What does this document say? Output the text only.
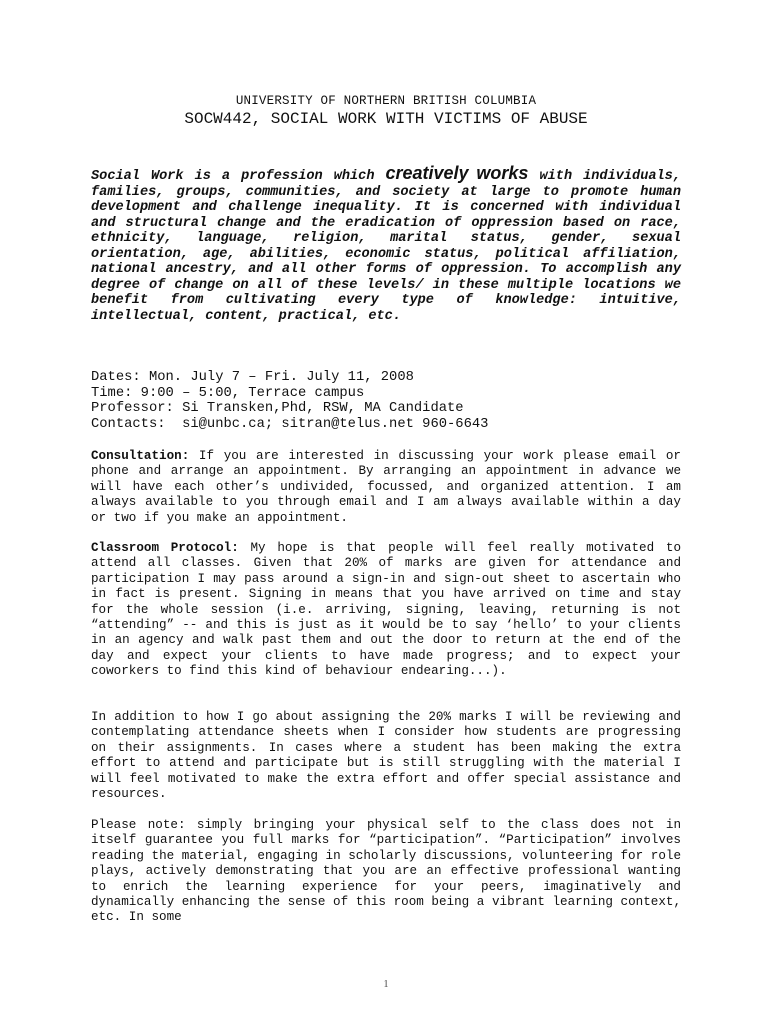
UNIVERSITY OF NORTHERN BRITISH COLUMBIA
SOCW442, SOCIAL WORK WITH VICTIMS OF ABUSE
Social Work is a profession which creatively works with individuals, families, groups, communities, and society at large to promote human development and challenge inequality. It is concerned with individual and structural change and the eradication of oppression based on race, ethnicity, language, religion, marital status, gender, sexual orientation, age, abilities, economic status, political affiliation, national ancestry, and all other forms of oppression. To accomplish any degree of change on all of these levels/ in these multiple locations we benefit from cultivating every type of knowledge: intuitive, intellectual, content, practical, etc.
Dates: Mon. July 7 – Fri. July 11, 2008
Time: 9:00 – 5:00, Terrace campus
Professor: Si Transken,Phd, RSW, MA Candidate
Contacts:  si@unbc.ca; sitran@telus.net 960-6643
Consultation: If you are interested in discussing your work please email or phone and arrange an appointment. By arranging an appointment in advance we will have each other’s undivided, focussed, and organized attention. I am always available to you through email and I am always available within a day or two if you make an appointment.
Classroom Protocol: My hope is that people will feel really motivated to attend all classes. Given that 20% of marks are given for attendance and participation I may pass around a sign-in and sign-out sheet to ascertain who in fact is present. Signing in means that you have arrived on time and stay for the whole session (i.e. arriving, signing, leaving, returning is not “attending” -- and this is just as it would be to say ‘hello’ to your clients in an agency and walk past them and out the door to return at the end of the day and expect your clients to have made progress; and to expect your coworkers to find this kind of behaviour endearing...).
In addition to how I go about assigning the 20% marks I will be reviewing and contemplating attendance sheets when I consider how students are progressing on their assignments. In cases where a student has been making the extra effort to attend and participate but is still struggling with the material I will feel motivated to make the extra effort and offer special assistance and resources.
Please note: simply bringing your physical self to the class does not in itself guarantee you full marks for “participation”. “Participation” involves reading the material, engaging in scholarly discussions, volunteering for role plays, actively demonstrating that you are an effective professional wanting to enrich the learning experience for your peers, imaginatively and dynamically enhancing the sense of this room being a vibrant learning context, etc. In some
1
